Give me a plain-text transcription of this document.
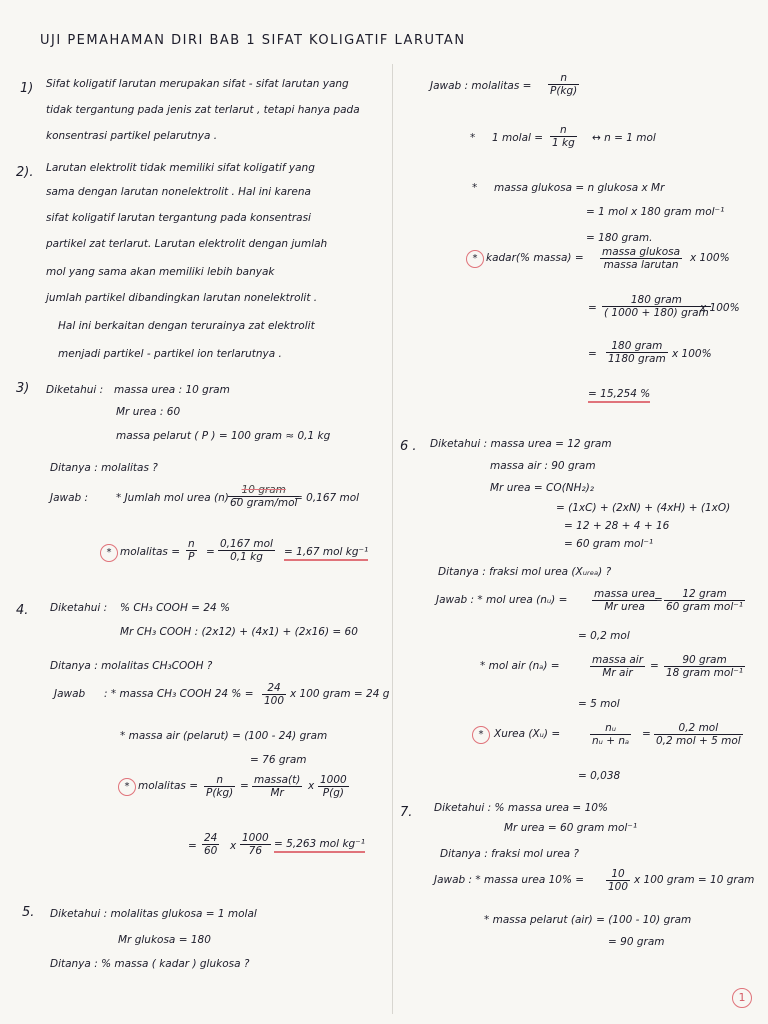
UJI PEMAHAMAN DIRI BAB 1 SIFAT KOLIGATIF LARUTAN
1) Sifat koligatif larutan merupakan sifat - sifat larutan yang
tidak tergantung pada jenis zat terlarut , tetapi hanya pada
konsentrasi partikel pelarutnya .
2). Larutan elektrolit tidak memiliki sifat koligatif yang
sama dengan larutan nonelektrolit . Hal ini karena
sifat koligatif larutan tergantung pada konsentrasi
partikel zat terlarut. Larutan elektrolit dengan jumlah
mol yang sama akan memiliki lebih banyak
jumlah partikel dibandingkan larutan nonelektrolit .
Hal ini berkaitan dengan terurainya zat elektrolit
menjadi partikel - partikel ion terlarutnya .
3) Diketahui : massa urea : 10 gram
Mr urea : 60
massa pelarut ( P ) = 100 gram ≈ 0,1 kg
Ditanya : molalitas ?
Jawab :	* Jumlah mol urea (n) =
10 gram
60 gram/mol
= 0,167 mol
* molalitas = $\frac{n}{P}$ =
0,167 mol
0,1 kg	= 1,67 mol kg⁻¹
4. Diketahui : % CH₃ COOH = 24 %
Mr CH₃ COOH : (2x12) + (4x1) + (2x16) = 60
Ditanya : molalitas CH₃COOH ?
Jawab : * massa CH₃ COOH 24 % = $\frac{24}{100}$ x 100 gram = 24 g
* massa air (pelarut) = (100 - 24) gram
= 76 gram
* molalitas = $\frac{n}{P(kg)}$ = massa(t)
Mr
x $\frac{1000}{P(g)}$
= $\frac{24}{60}$ x $\frac{1000}{76} = 5,263$ mol kg⁻¹
5. Diketahui : molalitas glukosa = 1 molal
Mr glukosa = 180
Ditanya : % massa ( kadar ) glukosa ?
Jawab : molalitas = $\frac{n}{P(kg)}$
* 1 molal = $\frac{n}{1 kg}$ ↔ n = 1 mol
* massa glukosa = n glukosa x Mr
= 1 mol x 180 gram mol⁻¹
= 180 gram.
* kadar(% massa) = massa glukosa
massa larutan
x 100%
=
180 gram
( 1000 + 180) gram
x 100%
=
180 gram
1180 gram x 100%
= 15,254 %
6 . Diketahui : massa urea = 12 gram
massa air : 90 gram
Mr urea = CO(NH₂)₂
= (1xC) + (2xN) + (4xH) + (1xO)
= 12 + 28 + 4 + 16
= 60 gram mol⁻¹
Ditanya : fraksi mol urea (Xᵤᵣₑₐ) ?
Jawab : * mol urea (nᵤ) =	massa urea
Mr urea
=	12 gram
60 gram mol⁻¹
= 0,2 mol
* mol air (nₐ) =	massa air
Mr air
=	90 gram
18 gram mol⁻¹
= 5 mol
*	Xurea (Xᵤ) =	$\frac{\text{nᵤ}}{\text{nᵤ + nₐ}}$ =	0,2 mol
0,2 mol + 5 mol
= 0,038
7. Diketahui : % massa urea = 10%
Mr urea = 60 gram mol⁻¹
Ditanya : fraksi mol urea ?
Jawab : * massa urea $10\% = \frac{10}{100}$ x 100 gram = 10 gram
* massa pelarut (air) = (100 - 10) gram
= 90 gram
1
